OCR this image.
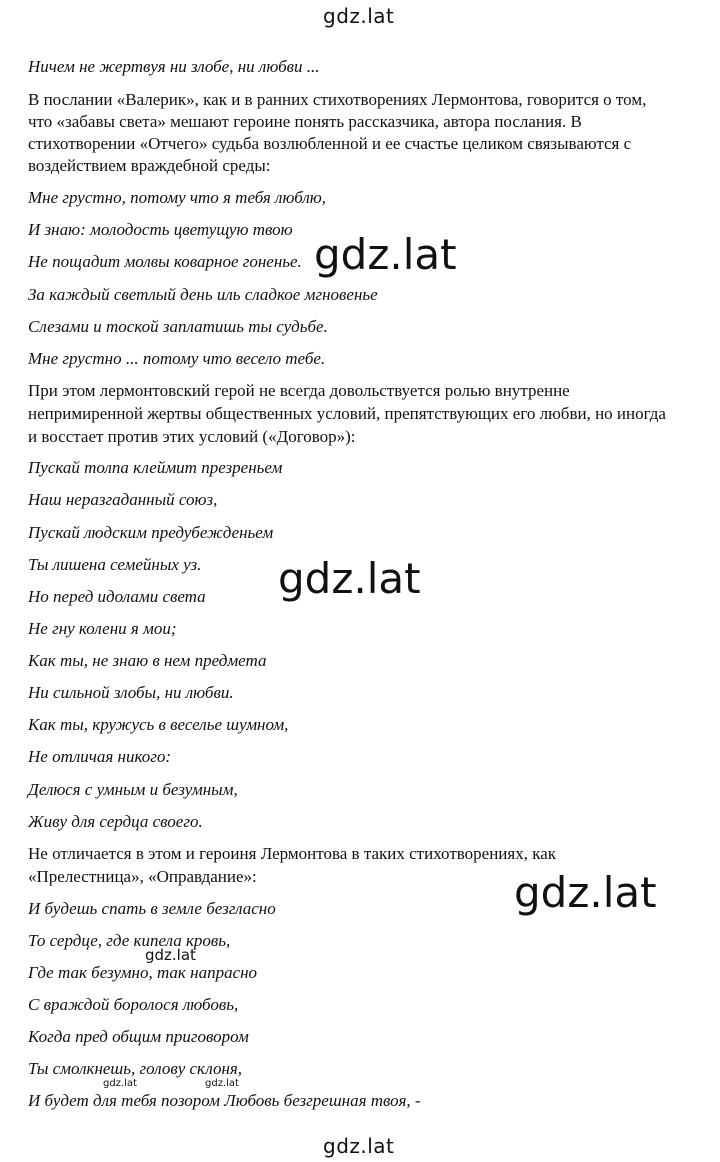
gdz.lat
Ничем не жертвуя ни злобе, ни любви ...
В послании «Валерик», как и в ранних стихотворениях Лермонтова, говорится о том,
что «забавы света» мешают героине понять рассказчика, автора послания. В
стихотворении «Отчего» судьба возлюбленной и ее счастье целиком связываются с
воздействием враждебной среды:
Мне грустно, потому что я тебя люблю,
И знаю: молодость цветущую твою
Не пощадит молвы коварное гоненье.
За каждый светлый день иль сладкое мгновенье
Слезами и тоской заплатишь ты судьбе.
Мне грустно ... потому что весело тебе.
При этом лермонтовский герой не всегда довольствуется ролью внутренне
непримиренной жертвы общественных условий, препятствующих его любви, но иногда
и восстает против этих условий («Договор»):
Пускай толпа клеймит презреньем
Наш неразгаданный союз,
Пускай людским предубежденьем
Ты лишена семейных уз.
Но перед идолами света
Не гну колени я мои;
Как ты, не знаю в нем предмета
Ни сильной злобы, ни любви.
Как ты, кружусь в веселье шумном,
Не отличая никого:
Делюся с умным и безумным,
Живу для сердца своего.
Не отличается в этом и героиня Лермонтова в таких стихотворениях, как
«Прелестница», «Оправдание»:
И будешь спать в земле безгласно
То сердце, где кипела кровь,
Где так безумно, так напрасно
С враждой боролося любовь,
Когда пред общим приговором
Ты смолкнешь, голову склоня,
И будет для тебя позором Любовь безгрешная твоя, -
gdz.lat
gdz.lat
gdz.lat
gdz.lat
gdz.lat	gdz.lat
gdz.lat
